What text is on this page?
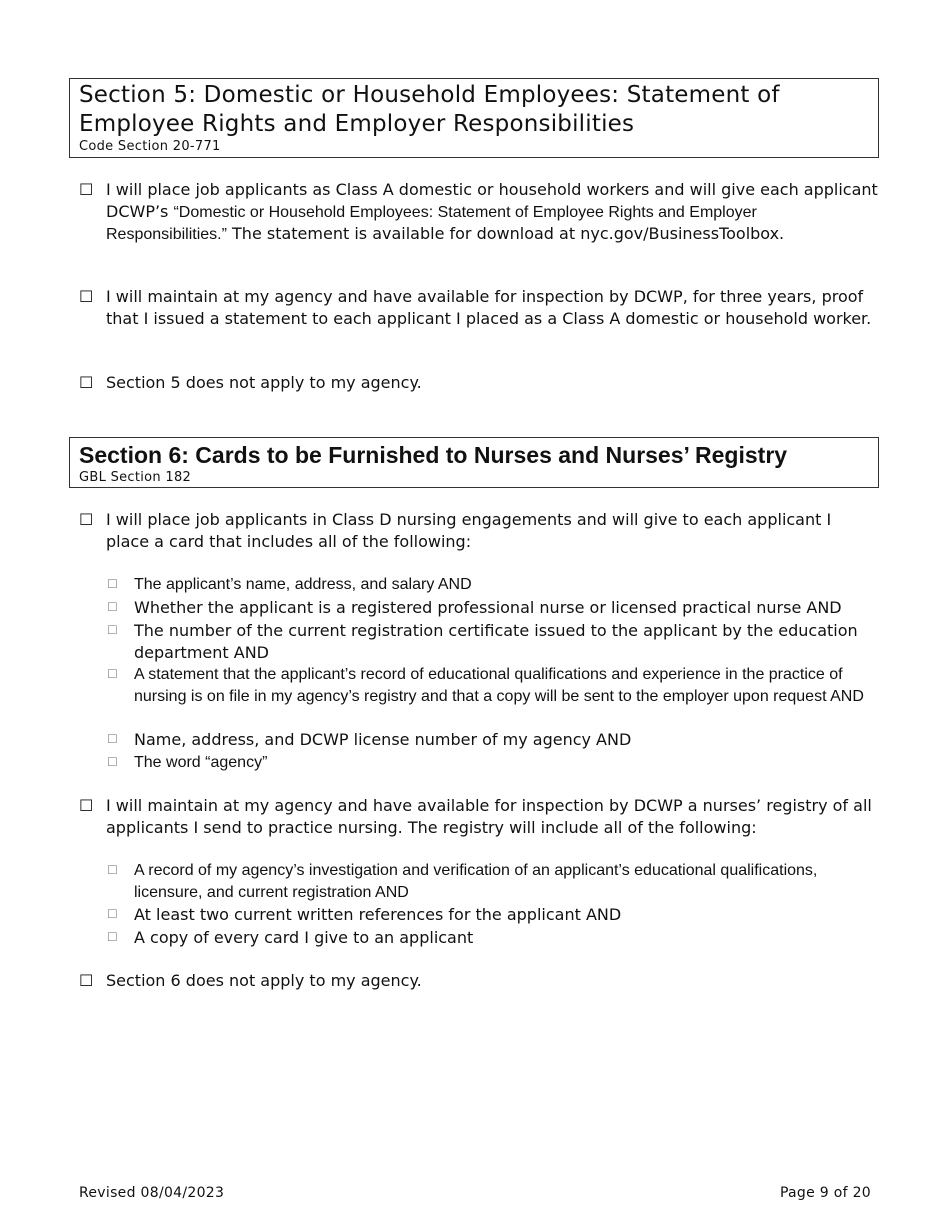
Section 5: Domestic or Household Employees: Statement of Employee Rights and Employer Responsibilities
Code Section 20-771
☐ I will place job applicants as Class A domestic or household workers and will give each applicant DCWP’s “Domestic or Household Employees: Statement of Employee Rights and Employer Responsibilities.” The statement is available for download at nyc.gov/BusinessToolbox.
☐ I will maintain at my agency and have available for inspection by DCWP, for three years, proof that I issued a statement to each applicant I placed as a Class A domestic or household worker.
☐ Section 5 does not apply to my agency.
Section 6: Cards to be Furnished to Nurses and Nurses’ Registry
GBL Section 182
☐ I will place job applicants in Class D nursing engagements and will give to each applicant I place a card that includes all of the following:
☐ The applicant’s name, address, and salary AND
☐ Whether the applicant is a registered professional nurse or licensed practical nurse AND
☐ The number of the current registration certificate issued to the applicant by the education department AND
☐ A statement that the applicant’s record of educational qualifications and experience in the practice of nursing is on file in my agency’s registry and that a copy will be sent to the employer upon request AND
☐ Name, address, and DCWP license number of my agency AND
☐ The word “agency”
☐ I will maintain at my agency and have available for inspection by DCWP a nurses’ registry of all applicants I send to practice nursing. The registry will include all of the following:
☐ A record of my agency’s investigation and verification of an applicant’s educational qualifications, licensure, and current registration AND
☐ At least two current written references for the applicant AND
☐ A copy of every card I give to an applicant
☐ Section 6 does not apply to my agency.
Revised 08/04/2023	Page 9 of 20
